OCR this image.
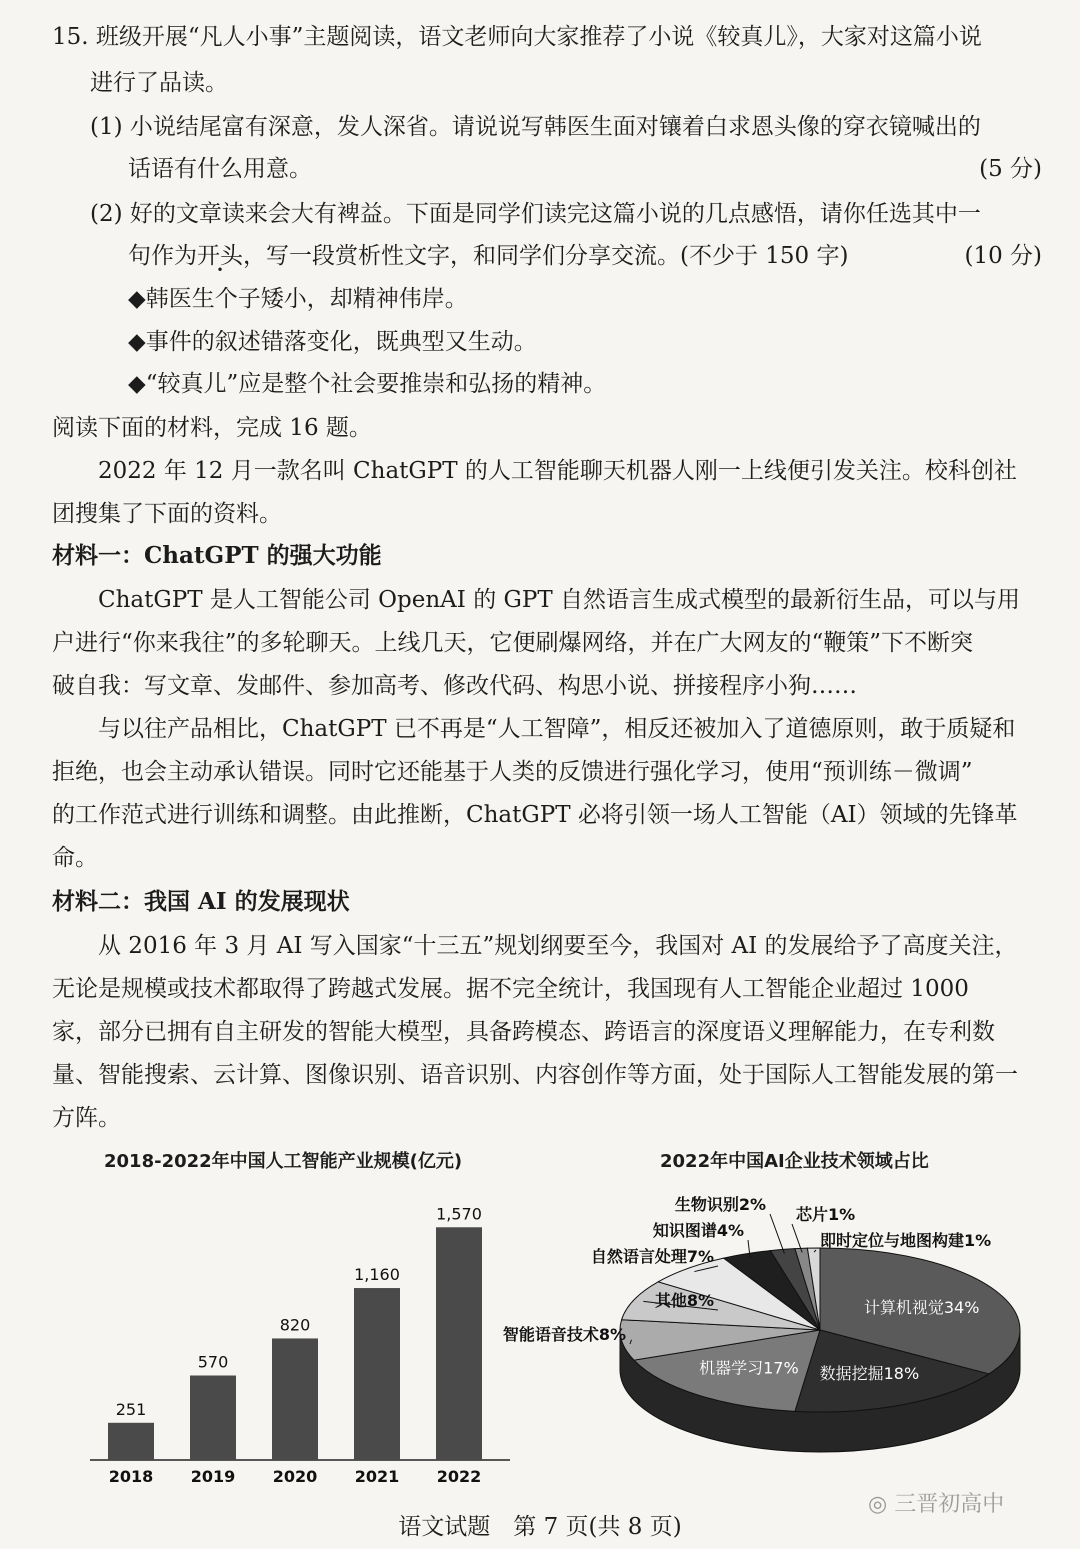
15. 班级开展“凡人小事”主题阅读，语文老师向大家推荐了小说《较真儿》，大家对这篇小说
进行了品读。
(1) 小说结尾富有深意，发人深省。请说说写韩医生面对镶着白求恩头像的穿衣镜喊出的
话语有什么用意。	(5 分)
(2) 好的文章读来会大有裨益。下面是同学们读完这篇小说的几点感悟，请你任选其中一
句作为开头，写一段赏析性文字，和同学们分享交流。(不少于 150 字)	(10 分)
◆韩医生个子矮小，却精神伟岸。
◆事件的叙述错落变化，既典型又生动。
◆“较真儿”应是整个社会要推崇和弘扬的精神。
阅读下面的材料，完成 16 题。
2022 年 12 月一款名叫 ChatGPT 的人工智能聊天机器人刚一上线便引发关注。校科创社
团搜集了下面的资料。
材料一：ChatGPT 的强大功能
ChatGPT 是人工智能公司 OpenAI 的 GPT 自然语言生成式模型的最新衍生品，可以与用
户进行“你来我往”的多轮聊天。上线几天，它便刷爆网络，并在广大网友的“鞭策”下不断突
破自我：写文章、发邮件、参加高考、修改代码、构思小说、拼接程序小狗……
与以往产品相比，ChatGPT 已不再是“人工智障”，相反还被加入了道德原则，敢于质疑和
拒绝，也会主动承认错误。同时它还能基于人类的反馈进行强化学习，使用“预训练－微调”
的工作范式进行训练和调整。由此推断，ChatGPT 必将引领一场人工智能（AI）领域的先锋革
命。
材料二：我国 AI 的发展现状
从 2016 年 3 月 AI 写入国家“十三五”规划纲要至今，我国对 AI 的发展给予了高度关注，
无论是规模或技术都取得了跨越式发展。据不完全统计，我国现有人工智能企业超过 1000
家，部分已拥有自主研发的智能大模型，具备跨模态、跨语言的深度语义理解能力，在专利数
量、智能搜索、云计算、图像识别、语音识别、内容创作等方面，处于国际人工智能发展的第一
方阵。
2018-2022年中国人工智能产业规模(亿元)
251
2018
570
2019
820
2020
1,160
2021
1,570
2022
2022年中国AI企业技术领域占比
计算机视觉34%
数据挖掘18%
机器学习17%
智能语音技术8%
其他8%
自然语言处理7%
知识图谱4%
生物识别2%
芯片1%
即时定位与地图构建1%
语文试题　第 7 页(共 8 页)
◎ 三晋初高中
